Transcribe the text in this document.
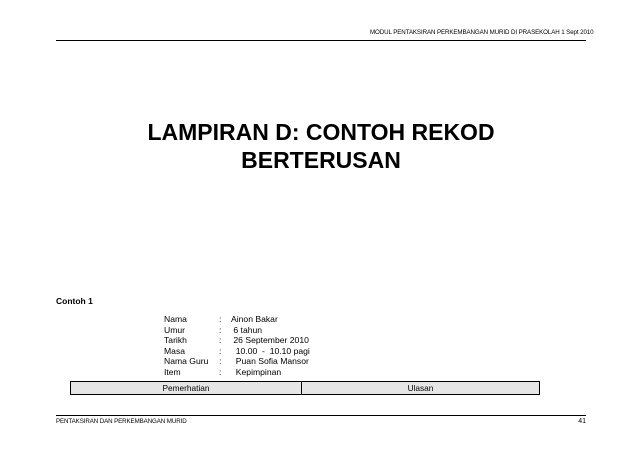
MODUL PENTAKSIRAN PERKEMBANGAN MURID DI PRASEKOLAH 1 Sept 2010
LAMPIRAN D: CONTOH REKOD
BERTERUSAN
Contoh 1
Nama	:	Ainon Bakar
Umur	:	6 tahun
Tarikh	:	26 September 2010
Masa	:	10.00  -  10.10 pagi
Nama Guru	:	Puan Sofia Mansor
Item	:	Kepimpinan
Pemerhatian	Ulasan
PENTAKSIRAN DAN PERKEMBANGAN MURID	41
